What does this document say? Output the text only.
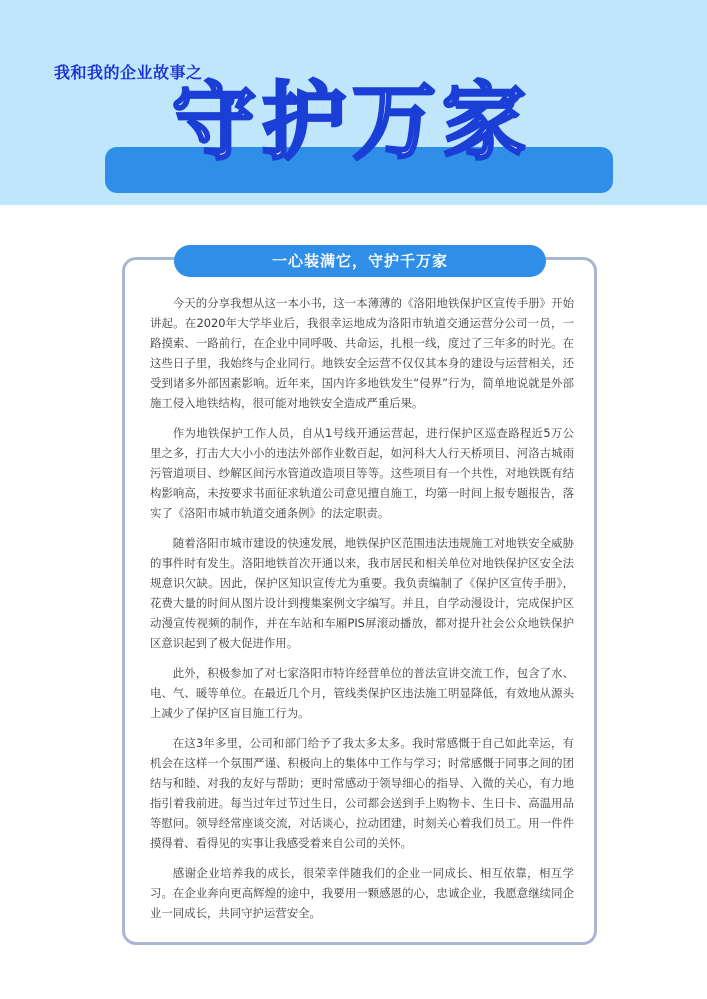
我和我的企业故事之
守护万家
一心装满它，守护千万家

今天的分享我想从这一本小书，这一本薄薄的《洛阳地铁保护区宣传手册》开始讲起。在2020年大学毕业后，我很幸运地成为洛阳市轨道交通运营分公司一员，一路摸索、一路前行，在企业中同呼吸、共命运，扎根一线，度过了三年多的时光。在这些日子里，我始终与企业同行。地铁安全运营不仅仅其本身的建设与运营相关，还受到诸多外部因素影响。近年来，国内许多地铁发生“侵界”行为，简单地说就是外部施工侵入地铁结构，很可能对地铁安全造成严重后果。

作为地铁保护工作人员，自从1号线开通运营起，进行保护区巡查路程近5万公里之多，打击大大小小的违法外部作业数百起，如河科大人行天桥项目、河洛古城雨污管道项目、纱解区间污水管道改造项目等等。这些项目有一个共性，对地铁既有结构影响高，未按要求书面征求轨道公司意见擅自施工，均第一时间上报专题报告，落实了《洛阳市城市轨道交通条例》的法定职责。

随着洛阳市城市建设的快速发展，地铁保护区范围违法违规施工对地铁安全威胁的事件时有发生。洛阳地铁首次开通以来，我市居民和相关单位对地铁保护区安全法规意识欠缺。因此，保护区知识宣传尤为重要。我负责编制了《保护区宣传手册》，花费大量的时间从图片设计到搜集案例文字编写。并且，自学动漫设计，完成保护区动漫宣传视频的制作，并在车站和车厢PIS屏滚动播放，都对提升社会公众地铁保护区意识起到了极大促进作用。

此外，积极参加了对七家洛阳市特许经营单位的普法宣讲交流工作，包含了水、电、气、暖等单位。在最近几个月，管线类保护区违法施工明显降低，有效地从源头上减少了保护区盲目施工行为。

在这3年多里，公司和部门给予了我太多太多。我时常感慨于自己如此幸运，有机会在这样一个氛围严谨、积极向上的集体中工作与学习；时常感慨于同事之间的团结与和睦、对我的友好与帮助；更时常感动于领导细心的指导、入微的关心，有力地指引着我前进。每当过年过节过生日，公司都会送到手上购物卡、生日卡、高温用品等慰问。领导经常座谈交流，对话谈心，拉动团建，时刻关心着我们员工。用一件件摸得着、看得见的实事让我感受着来自公司的关怀。

感谢企业培养我的成长，很荣幸伴随我们的企业一同成长、相互依靠，相互学习。在企业奔向更高辉煌的途中，我要用一颗感恩的心，忠诚企业，我愿意继续同企业一同成长，共同守护运营安全。
